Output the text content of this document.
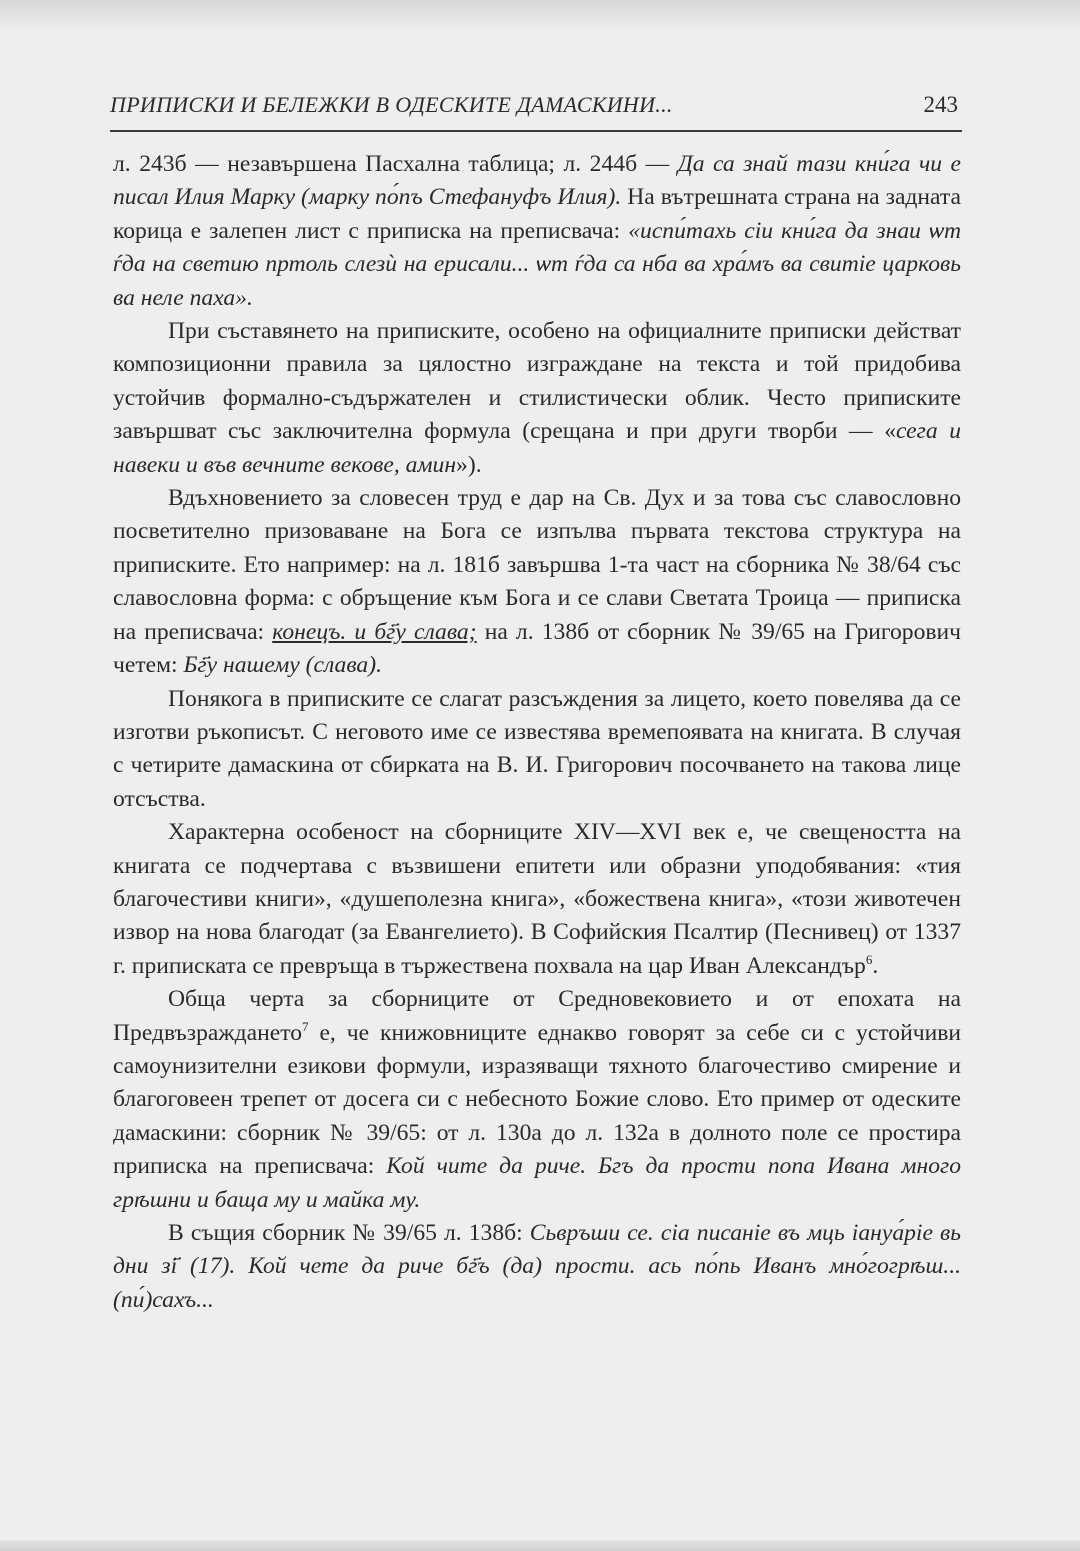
ПРИПИСКИ И БЕЛЕЖКИ В ОДЕСКИТЕ ДАМАСКИНИ...	243

л. 243б — незавършена Пасхална таблица; л. 244б — Да са знай тази кни́га чи е писал Илия Марку (марку по́пъ Стефануфъ Илия). На вътрешната страна на задната корица е залепен лист с приписка на преписвача: «испи́тахь сіи кни́га да знаи ѡт ѓда на светию пртоль слезѝ на ерисали... ѡт ѓда са нба ва хра́мъ ва свитіе царковь ва неле паха».

При съставянето на приписките, особено на официалните приписки действат композиционни правила за цялостно изграждане на текста и той придобива устойчив формално-съдържателен и стилистически облик. Често приписките завършват със заключителна формула (срещана и при други творби — «сега и навеки и във вечните векове, амин»).

Вдъхновението за словесен труд е дар на Св. Дух и за това със славословно посветително призоваване на Бога се изпълва първата текстова структура на приписките. Ето например: на л. 181б завършва 1-та част на сборника № 38/64 със славословна форма: с обръщение към Бога и се слави Светата Троица — приписка на преписвача: конецъ. и бг҃у слава; на л. 138б от сборник № 39/65 на Григорович четем: Бг҃у нашему (слава).

Понякога в приписките се слагат разсъждения за лицето, което повелява да се изготви ръкописът. С неговото име се известява времепоявата на книгата. В случая с четирите дамаскина от сбирката на В. И. Григорович посочването на такова лице отсъства.

Характерна особеност на сборниците XIV—XVI век е, че свещеността на книгата се подчертава с възвишени епитети или образни уподобявания: «тия благочестиви книги», «душеполезна книга», «божествена книга», «този животечен извор на нова благодат (за Евангелието). В Софийския Псалтир (Песнивец) от 1337 г. приписката се превръща в тържествена похвала на цар Иван Александър$^6$.

Обща черта за сборниците от Средновековието и от епохата на Предвъзраждането$^7$ е, че книжовниците еднакво говорят за себе си с устойчиви самоунизителни езикови формули, изразяващи тяхното благочестиво смирение и благоговеен трепет от досега си с небесното Божие слово. Ето пример от одеските дамаскини: сборник № 39/65: от л. 130а до л. 132а в долното поле се простира приписка на преписвача: Кой чите да риче. Бгъ да прости попа Ивана много грѣшни и баща му и майка му.

В същия сборник № 39/65 л. 138б: Сьвръши се. сіа писаніе въ мць іануа́ріе вь дни зі҃ (17). Кой чете да риче бг҃ъ (да) прости. ась по́пь Иванъ мно́гогрѣш...(пи́)сахъ...
